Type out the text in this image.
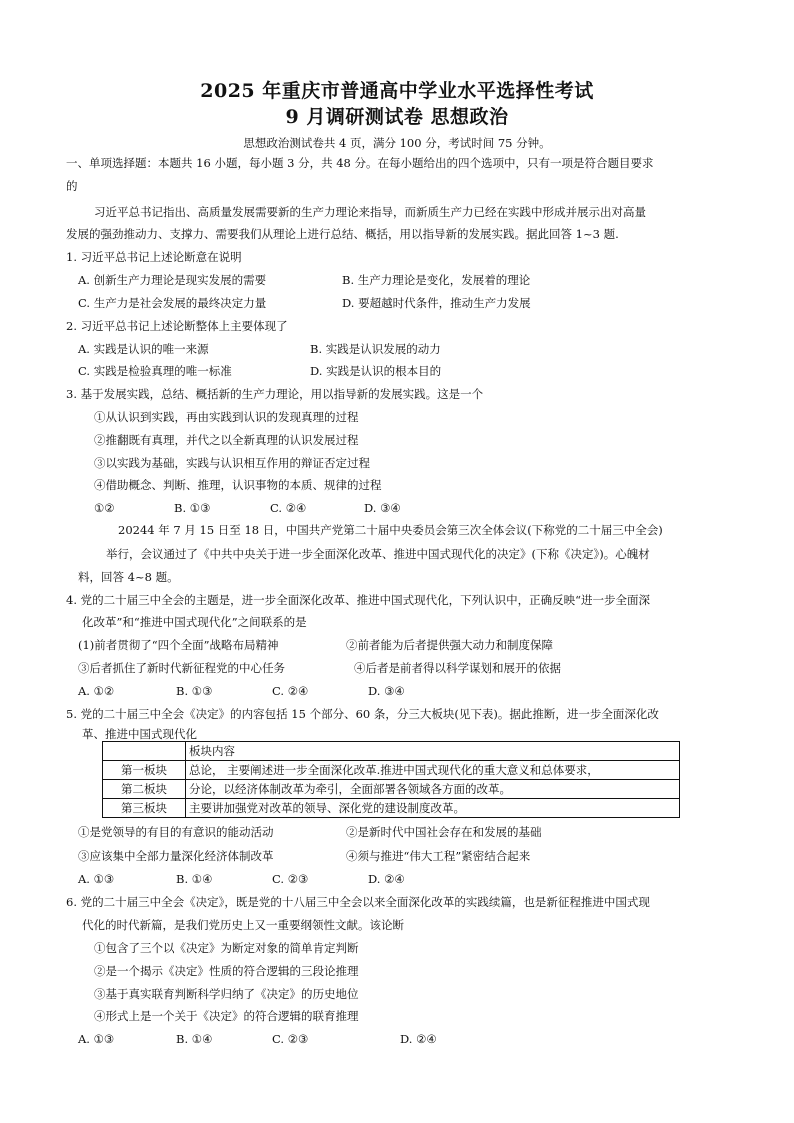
2025 年重庆市普通高中学业水平选择性考试
9 月调研测试卷 思想政治
思想政治测试卷共 4 页，满分 100 分，考试时间 75 分钟。
一、单项选择题：本题共 16 小题，每小题 3 分，共 48 分。在每小题给出的四个选项中，只有一项是符合题目要求
的
习近平总书记指出、高质量发展需要新的生产力理论来指导，而新质生产力已经在实践中形成并展示出对高量
发展的强劲推动力、支撑力、需要我们从理论上进行总结、概括，用以指导新的发展实践。据此回答 1~3 题.
1. 习近平总书记上述论断意在说明
A. 创新生产力理论是现实发展的需要	B. 生产力理论是变化，发展着的理论
C. 生产力是社会发展的最终决定力量	D. 要超越时代条件，推动生产力发展
2. 习近平总书记上述论断整体上主要体现了
A. 实践是认识的唯一来源	B. 实践是认识发展的动力
C. 实践是检验真理的唯一标准	D. 实践是认识的根本目的
3. 基于发展实践，总结、概括新的生产力理论，用以指导新的发展实践。这是一个
①从认识到实践，再由实践到认识的发现真理的过程
②推翻既有真理，并代之以全新真理的认识发展过程
③以实践为基础，实践与认识相互作用的辩证否定过程
④借助概念、判断、推理，认识事物的本质、规律的过程
①②	B. ①③	C. ②④	D. ③④
20244 年 7 月 15 日至 18 日，中国共产党第二十届中央委员会第三次全体会议(下称党的二十届三中全会)
举行，会议通过了《中共中央关于进一步全面深化改革、推进中国式现代化的决定》(下称《决定》)。心魄材
料，回答 4~8 题。
4. 党的二十届三中全会的主题是，进一步全面深化改革、推进中国式现代化，下列认识中，正确反映“进一步全面深
化改革”和“推进中国式现代化”之间联系的是
(1)前者贯彻了“四个全面”战略布局精神	②前者能为后者提供强大动力和制度保障
③后者抓住了新时代新征程党的中心任务	④后者是前者得以科学谋划和展开的依据
A. ①②	B. ①③	C. ②④	D. ③④
5. 党的二十届三中全会《决定》的内容包括 15 个部分、60 条，分三大板块(见下表)。据此推断，进一步全面深化改
革、推进中国式现代化
	板块内容
第一板块	总论， 主要阐述进一步全面深化改革.推进中国式现代化的重大意义和总体要求，
第二板块	分论，以经济体制改革为牵引，全面部署各领域各方面的改革。
第三板块	主要讲加强党对改革的领导、深化党的建设制度改革。
①是党领导的有目的有意识的能动活动	②是新时代中国社会存在和发展的基础
③应该集中全部力量深化经济体制改革	④须与推进“伟大工程”紧密结合起来
A. ①③	B. ①④	C. ②③	D. ②④
6. 党的二十届三中全会《决定》，既是党的十八届三中全会以来全面深化改革的实践续篇，也是新征程推进中国式现
代化的时代新篇，是我们党历史上又一重要纲领性文献。该论断
①包含了三个以《决定》为断定对象的简单肯定判断
②是一个揭示《决定》性质的符合逻辑的三段论推理
③基于真实联育判断科学归纳了《决定》的历史地位
④形式上是一个关于《决定》的符合逻辑的联育推理
A. ①③	B. ①④	C. ②③	D. ②④
